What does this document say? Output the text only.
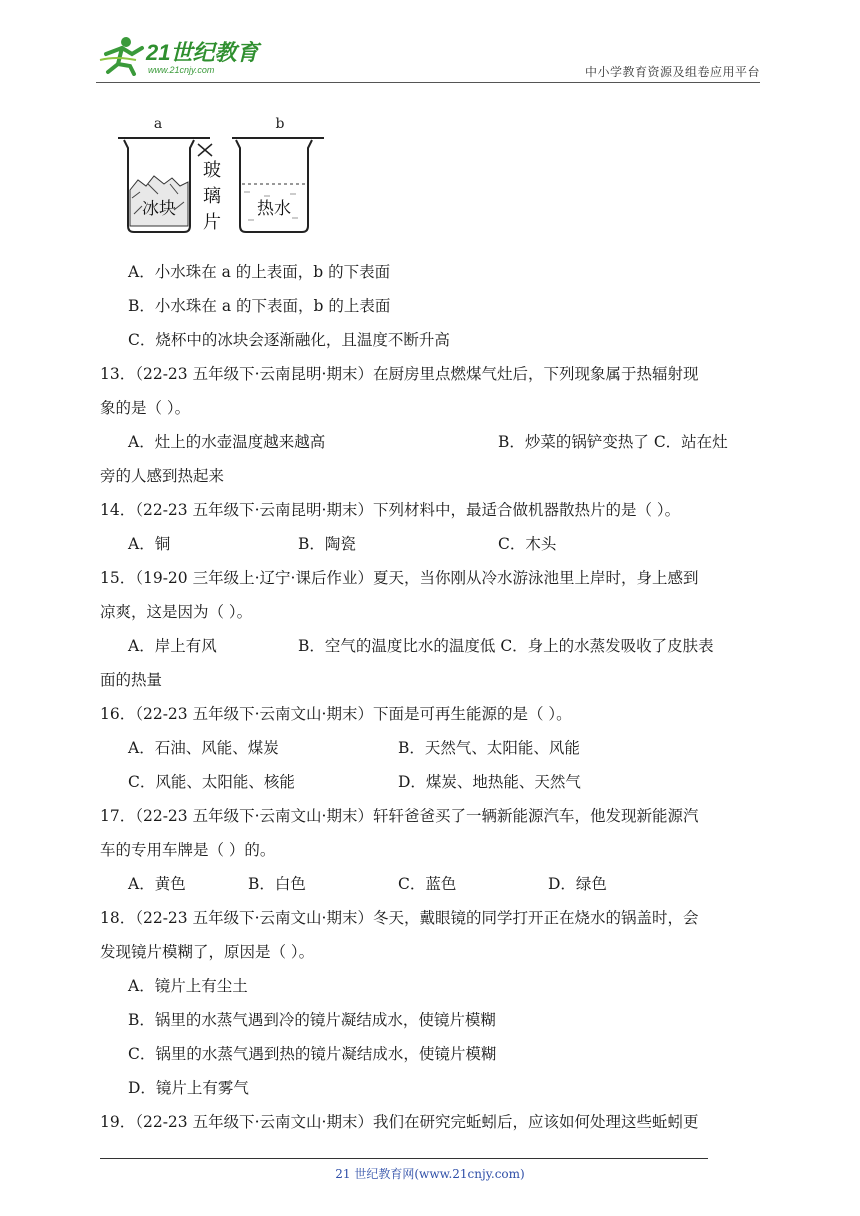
21世纪教育
www.21cnjy.com	中小学教育资源及组卷应用平台
a	b
冰块
玻
璃
片
热水
A．小水珠在 a 的上表面，b 的下表面
B．小水珠在 a 的下表面，b 的上表面
C．烧杯中的冰块会逐渐融化，且温度不断升高
13．（22-23 五年级下·云南昆明·期末）在厨房里点燃煤气灶后，下列现象属于热辐射现
象的是（ ）。
A．灶上的水壶温度越来越高	B．炒菜的锅铲变热了 C．站在灶
旁的人感到热起来
14．（22-23 五年级下·云南昆明·期末）下列材料中，最适合做机器散热片的是（ ）。
A．铜	B．陶瓷	C．木头
15．（19-20 三年级上·辽宁·课后作业）夏天，当你刚从冷水游泳池里上岸时，身上感到
凉爽，这是因为（ ）。
A．岸上有风	B．空气的温度比水的温度低 C．身上的水蒸发吸收了皮肤表
面的热量
16．（22-23 五年级下·云南文山·期末）下面是可再生能源的是（ ）。
A．石油、风能、煤炭	B．天然气、太阳能、风能
C．风能、太阳能、核能	D．煤炭、地热能、天然气
17．（22-23 五年级下·云南文山·期末）轩轩爸爸买了一辆新能源汽车，他发现新能源汽
车的专用车牌是（ ）的。
A．黄色	B．白色	C．蓝色	D．绿色
18．（22-23 五年级下·云南文山·期末）冬天，戴眼镜的同学打开正在烧水的锅盖时，会
发现镜片模糊了，原因是（ ）。
A．镜片上有尘土
B．锅里的水蒸气遇到冷的镜片凝结成水，使镜片模糊
C．锅里的水蒸气遇到热的镜片凝结成水，使镜片模糊
D．镜片上有雾气
19．（22-23 五年级下·云南文山·期末）我们在研究完蚯蚓后，应该如何处理这些蚯蚓更
21 世纪教育网(www.21cnjy.com)
